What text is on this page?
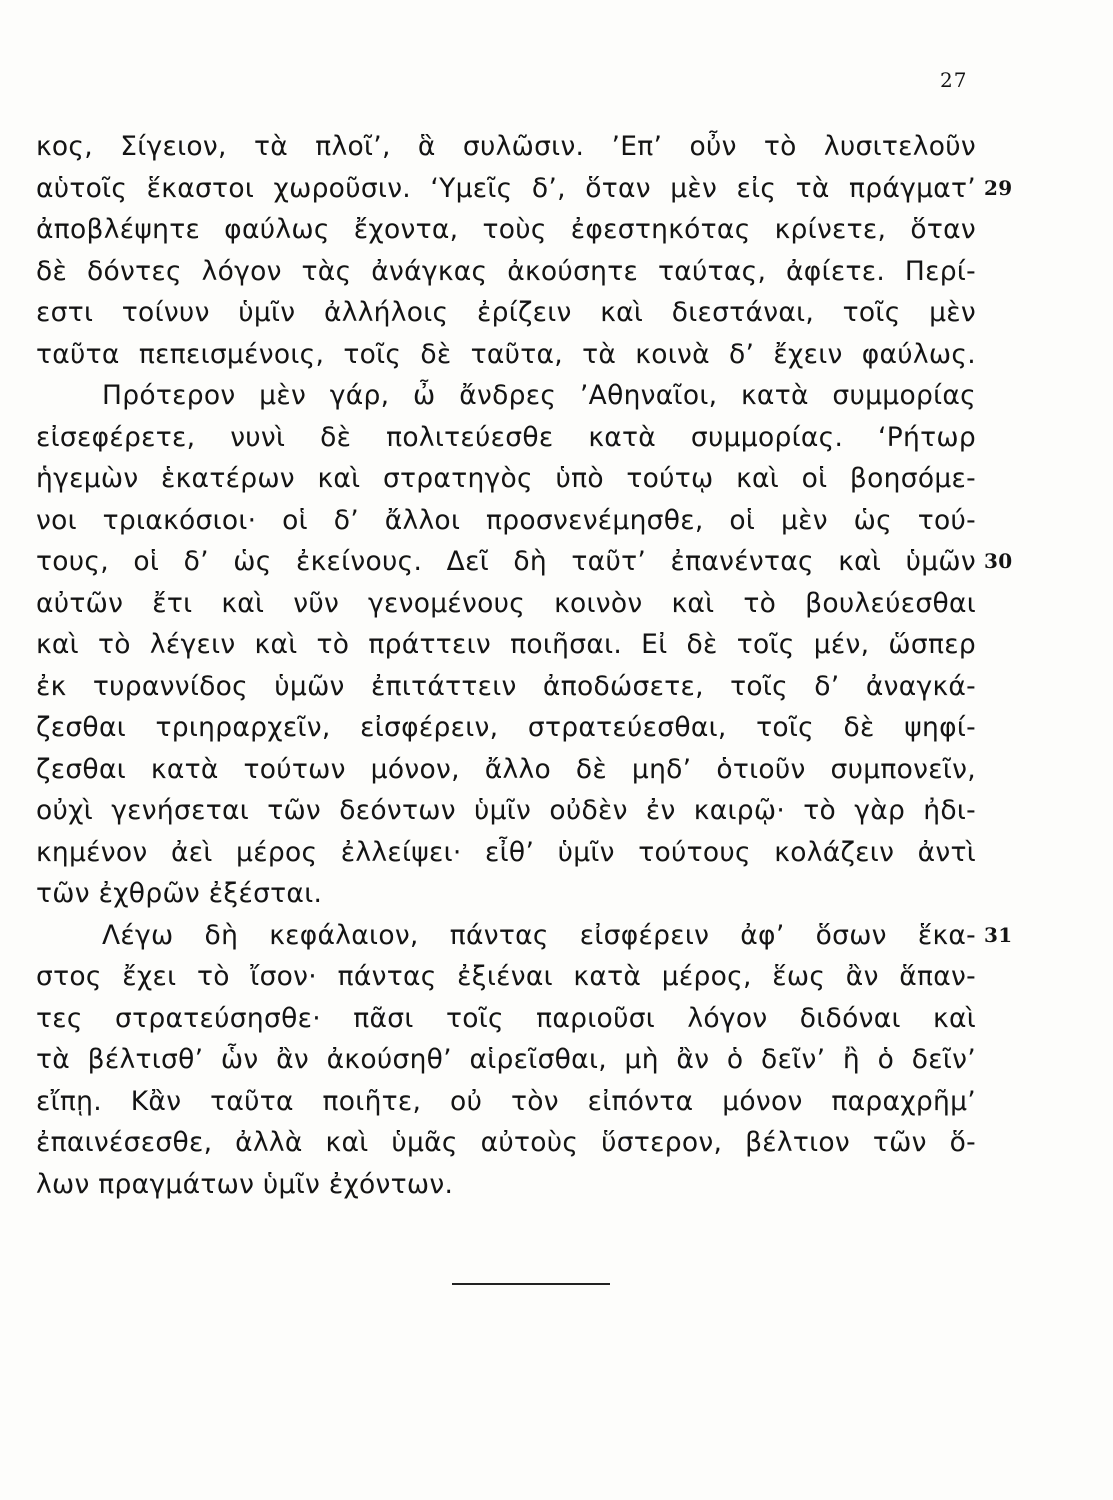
27
κος, Σίγειον, τὰ πλοῖ’, ἃ συλῶσιν. ’Επ’ οὖν τὸ λυσιτελοῦν
αὑτοῖς ἕκαστοι χωροῦσιν. ‘Υμεῖς δ’, ὅταν μὲν εἰς τὰ πράγματ’ 29
ἀποβλέψητε φαύλως ἔχοντα, τοὺς ἐφεστηκότας κρίνετε, ὅταν
δὲ δόντες λόγον τὰς ἀνάγκας ἀκούσητε ταύτας, ἀφίετε. Περί-
εστι τοίνυν ὑμῖν ἀλλήλοις ἐρίζειν καὶ διεστάναι, τοῖς μὲν
ταῦτα πεπεισμένοις, τοῖς δὲ ταῦτα, τὰ κοινὰ δ’ ἔχειν φαύλως.
Πρότερον μὲν γάρ, ὦ ἄνδρες ’Αθηναῖοι, κατὰ συμμορίας
εἰσεφέρετε, νυνὶ δὲ πολιτεύεσθε κατὰ συμμορίας. ‘Ρήτωρ
ἡγεμὼν ἑκατέρων καὶ στρατηγὸς ὑπὸ τούτῳ καὶ οἱ βοησόμε-
νοι τριακόσιοι· οἱ δ’ ἄλλοι προσνενέμησθε, οἱ μὲν ὡς τού-
τους, οἱ δ’ ὡς ἐκείνους. Δεῖ δὴ ταῦτ’ ἐπανέντας καὶ ὑμῶν 30
αὐτῶν ἔτι καὶ νῦν γενομένους κοινὸν καὶ τὸ βουλεύεσθαι
καὶ τὸ λέγειν καὶ τὸ πράττειν ποιῆσαι. Εἰ δὲ τοῖς μέν, ὥσπερ
ἐκ τυραννίδος ὑμῶν ἐπιτάττειν ἀποδώσετε, τοῖς δ’ ἀναγκά-
ζεσθαι τριηραρχεῖν, εἰσφέρειν, στρατεύεσθαι, τοῖς δὲ ψηφί-
ζεσθαι κατὰ τούτων μόνον, ἄλλο δὲ μηδ’ ὁτιοῦν συμπονεῖν,
οὐχὶ γενήσεται τῶν δεόντων ὑμῖν οὐδὲν ἐν καιρῷ· τὸ γὰρ ἠδι-
κημένον ἀεὶ μέρος ἐλλείψει· εἶθ’ ὑμῖν τούτους κολάζειν ἀντὶ
τῶν ἐχθρῶν ἐξέσται.
Λέγω δὴ κεφάλαιον, πάντας εἰσφέρειν ἀφ’ ὅσων ἕκα- 31
στος ἔχει τὸ ἴσον· πάντας ἐξιέναι κατὰ μέρος, ἕως ἂν ἅπαν-
τες στρατεύσησθε· πᾶσι τοῖς παριοῦσι λόγον διδόναι καὶ
τὰ βέλτισθ’ ὧν ἂν ἀκούσηθ’ αἱρεῖσθαι, μὴ ἂν ὁ δεῖν’ ἢ ὁ δεῖν’
εἴπῃ. Κἂν ταῦτα ποιῆτε, οὐ τὸν εἰπόντα μόνον παραχρῆμ’
ἐπαινέσεσθε, ἀλλὰ καὶ ὑμᾶς αὐτοὺς ὕστερον, βέλτιον τῶν ὅ-
λων πραγμάτων ὑμῖν ἐχόντων.
